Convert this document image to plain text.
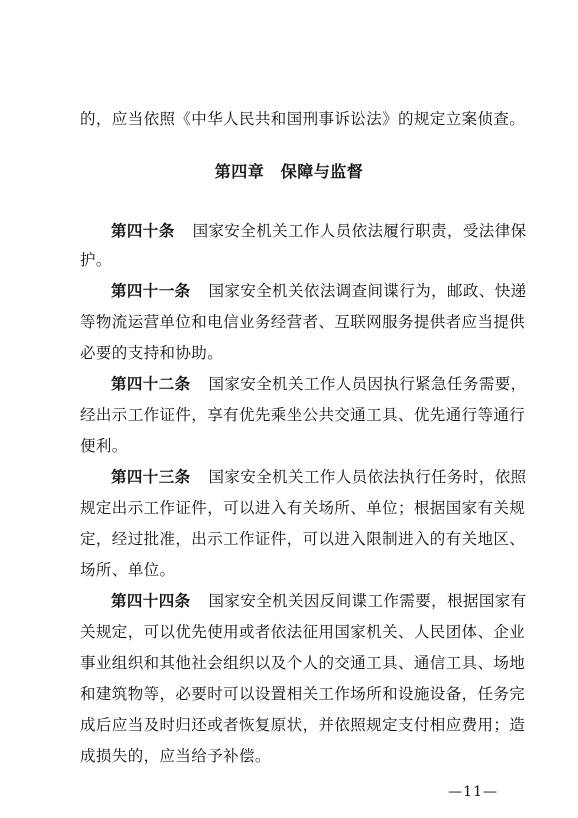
的，应当依照《中华人民共和国刑事诉讼法》的规定立案侦查。
第四章　保障与监督
第四十条 国家安全机关工作人员依法履行职责，受法律保
护。
第四十一条 国家安全机关依法调查间谍行为，邮政、快递
等物流运营单位和电信业务经营者、互联网服务提供者应当提供
必要的支持和协助。
第四十二条 国家安全机关工作人员因执行紧急任务需要，
经出示工作证件，享有优先乘坐公共交通工具、优先通行等通行
便利。
第四十三条 国家安全机关工作人员依法执行任务时，依照
规定出示工作证件，可以进入有关场所、单位；根据国家有关规
定，经过批准，出示工作证件，可以进入限制进入的有关地区、
场所、单位。
第四十四条 国家安全机关因反间谍工作需要，根据国家有
关规定，可以优先使用或者依法征用国家机关、人民团体、企业
事业组织和其他社会组织以及个人的交通工具、通信工具、场地
和建筑物等，必要时可以设置相关工作场所和设施设备，任务完
成后应当及时归还或者恢复原状，并依照规定支付相应费用；造
成损失的，应当给予补偿。
—11—
